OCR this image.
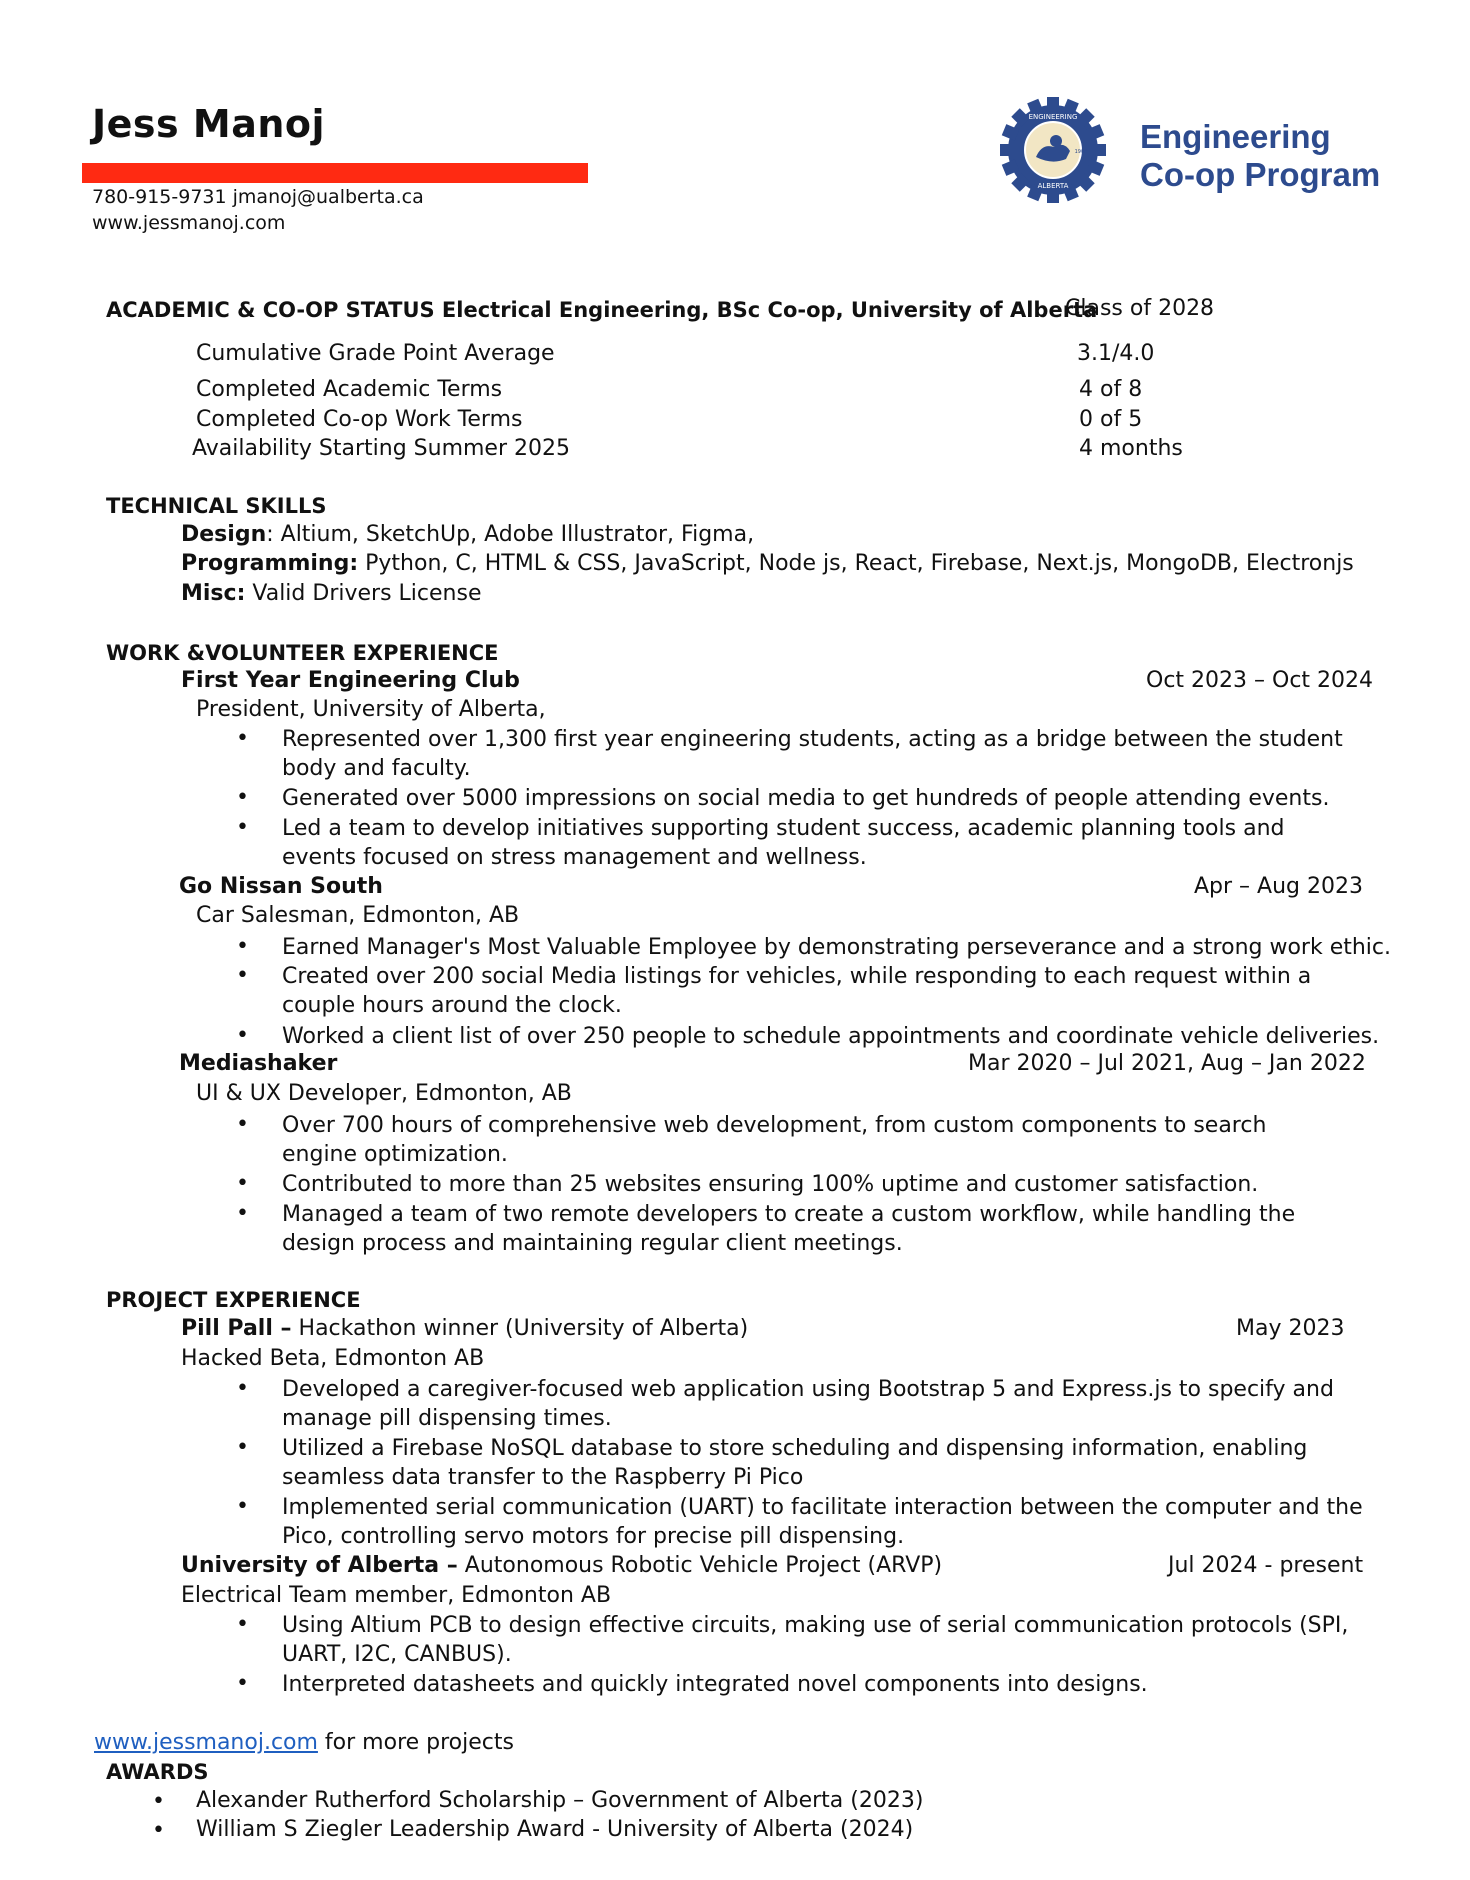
Jess Manoj
780-915-9731 jmanoj@ualberta.ca
www.jessmanoj.com
ENGINEERING
ALBERTA
1908 Engineering
Co-op Program
ACADEMIC & CO-OP STATUS Electrical Engineering, BSc Co-op, University of Alberta
Class of 2028
Cumulative Grade Point Average	3.1/4.0
Completed Academic Terms	4 of 8
Completed Co-op Work Terms	0 of 5
Availability Starting Summer 2025	4 months
TECHNICAL SKILLS
Design: Altium, SketchUp, Adobe Illustrator, Figma,
Programming: Python, C, HTML & CSS, JavaScript, Node js, React, Firebase, Next.js, MongoDB, Electronjs
Misc: Valid Drivers License
WORK &VOLUNTEER EXPERIENCE
First Year Engineering Club	Oct 2023 – Oct 2024
President, University of Alberta,
• Represented over 1,300 first year engineering students, acting as a bridge between the student body and faculty.
• Generated over 5000 impressions on social media to get hundreds of people attending events.
• Led a team to develop initiatives supporting student success, academic planning tools and events focused on stress management and wellness.
Go Nissan South	Apr – Aug 2023
Car Salesman, Edmonton, AB
• Earned Manager's Most Valuable Employee by demonstrating perseverance and a strong work ethic.
• Created over 200 social Media listings for vehicles, while responding to each request within a couple hours around the clock.
• Worked a client list of over 250 people to schedule appointments and coordinate vehicle deliveries.
Mediashaker	Mar 2020 – Jul 2021, Aug – Jan 2022
UI & UX Developer, Edmonton, AB
• Over 700 hours of comprehensive web development, from custom components to search engine optimization.
• Contributed to more than 25 websites ensuring 100% uptime and customer satisfaction.
• Managed a team of two remote developers to create a custom workflow, while handling the design process and maintaining regular client meetings.
PROJECT EXPERIENCE
Pill Pall – Hackathon winner (University of Alberta)	May 2023
Hacked Beta, Edmonton AB
• Developed a caregiver-focused web application using Bootstrap 5 and Express.js to specify and manage pill dispensing times.
• Utilized a Firebase NoSQL database to store scheduling and dispensing information, enabling seamless data transfer to the Raspberry Pi Pico
• Implemented serial communication (UART) to facilitate interaction between the computer and the Pico, controlling servo motors for precise pill dispensing.
University of Alberta – Autonomous Robotic Vehicle Project (ARVP)	Jul 2024 - present
Electrical Team member, Edmonton AB
• Using Altium PCB to design effective circuits, making use of serial communication protocols (SPI, UART, I2C, CANBUS).
• Interpreted datasheets and quickly integrated novel components into designs.
www.jessmanoj.com for more projects
AWARDS
• Alexander Rutherford Scholarship – Government of Alberta (2023)
• William S Ziegler Leadership Award - University of Alberta (2024)
